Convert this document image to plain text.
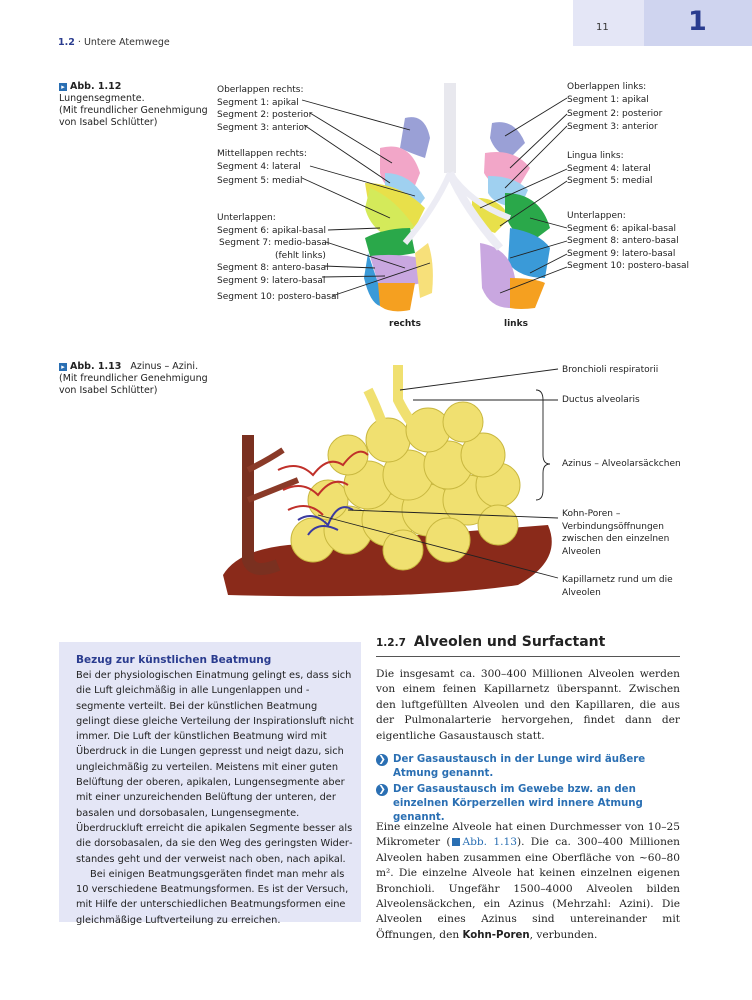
11	1
1.2 · Untere Atemwege
▸ Abb. 1.12   Lungensegmente.
(Mit freundlicher Genehmigung
von Isabel Schlütter)
Oberlappen rechts:
Segment 1: apikal
Segment 2: posterior
Segment 3: anterior
Mittellappen rechts:
Segment 4: lateral
Segment 5: medial
Unterlappen:
Segment 6: apikal-basal
Segment 7: medio-basal
(fehlt links)
Segment 8: antero-basal
Segment 9: latero-basal
Segment 10: postero-basal
Oberlappen links:
Segment 1: apikal
Segment 2: posterior
Segment 3: anterior
Lingua links:
Segment 4: lateral
Segment 5: medial
Unterlappen:
Segment 6: apikal-basal
Segment 8: antero-basal
Segment 9: latero-basal
Segment 10: postero-basal
rechts	links
▸ Abb. 1.13 Azinus – Azini.
(Mit freundlicher Genehmigung
von Isabel Schlütter)
Bronchioli respiratorii
Ductus alveolaris
Azinus – Alveolarsäckchen
Kohn-Poren –
Verbindungsöffnungen
zwischen den einzelnen
Alveolen
Kapillarnetz rund um die
Alveolen
Bezug zur künstlichen Beatmung

Bei der physiologischen Einatmung gelingt es, dass sich die Luft gleichmäßig in alle Lungenlappen und -segmente verteilt. Bei der künstlichen Beatmung gelingt diese gleiche Verteilung der Inspirationsluft nicht immer. Die Luft der künstlichen Beatmung wird mit Überdruck in die Lungen gepresst und neigt dazu, sich ungleichmäßig zu verteilen. Meistens mit einer guten Belüftung der oberen, apikalen, Lungensegmente aber mit einer unzureichenden Belüftung der unteren, der basalen und dorsobasalen, Lungensegmente. Überdruckluft erreicht die apikalen Segmente besser als die dorsobasalen, da sie den Weg des geringsten Widerstandes geht und der verweist nach oben, nach apikal.

Bei einigen Beatmungsgeräten findet man mehr als 10 verschiedene Beatmungsformen. Es ist der Versuch, mit Hilfe der unterschiedlichen Beatmungsformen eine gleichmäßige Luftverteilung zu erreichen.

1.2.7 Alveolen und Surfactant
Die insgesamt ca. 300–400 Millionen Alveolen werden von einem feinen Kapillarnetz überspannt. Zwischen den luftgefüllten Alveolen und den Kapillaren, die aus der Pulmonalarterie hervorgehen, findet dann der eigentliche Gasaustausch statt.
❯ Der Gasaustausch in der Lunge wird äußere Atmung genannt.
❯ Der Gasaustausch im Gewebe bzw. an den einzelnen Körperzellen wird innere Atmung genannt.

Eine einzelne Alveole hat einen Durchmesser von 10–25 Mikrometer ( Abb. 1.13). Die ca. 300–400 Millionen Alveolen haben zusammen eine Oberfläche von ~60–80 m². Die einzelne Alveole hat keinen einzelnen eigenen Bronchioli. Ungefähr 1500–4000 Alveolen bilden Alveolensäckchen, ein Azinus (Mehrzahl: Azini). Die Alveolen eines Azinus sind untereinander mit Öffnungen, den Kohn-Poren, verbunden.
